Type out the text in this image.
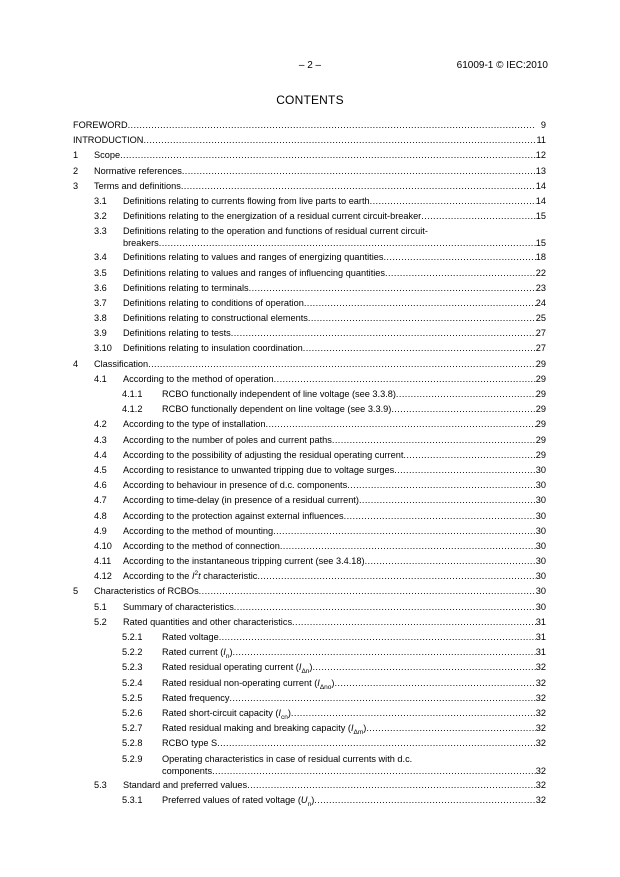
– 2 –	61009-1 © IEC:2010
CONTENTS
FOREWORD .....	9
INTRODUCTION .....	11
1 Scope .....	12
2 Normative references .....	13
3 Terms and definitions .....	14
3.1 Definitions relating to currents flowing from live parts to earth .....	14
3.2 Definitions relating to the energization of a residual current circuit-breaker .....	15
3.3 Definitions relating to the operation and functions of residual current circuit-
breakers .....	15
3.4 Definitions relating to values and ranges of energizing quantities .....	18
3.5 Definitions relating to values and ranges of influencing quantities .....	22
3.6 Definitions relating to terminals .....	23
3.7 Definitions relating to conditions of operation .....	24
3.8 Definitions relating to constructional elements .....	25
3.9 Definitions relating to tests .....	27
3.10 Definitions relating to insulation coordination .....	27
4 Classification .....	29
4.1 According to the method of operation .....	29
4.1.1 RCBO functionally independent of line voltage (see 3.3.8) .....	29
4.1.2 RCBO functionally dependent on line voltage (see 3.3.9) .....	29
4.2 According to the type of installation .....	29
4.3 According to the number of poles and current paths .....	29
4.4 According to the possibility of adjusting the residual operating current .....	29
4.5 According to resistance to unwanted tripping due to voltage surges .....	30
4.6 According to behaviour in presence of d.c. components .....	30
4.7 According to time-delay (in presence of a residual current) .....	30
4.8 According to the protection against external influences .....	30
4.9 According to the method of mounting .....	30
4.10 According to the method of connection .....	30
4.11 According to the instantaneous tripping current (see 3.4.18) .....	30
4.12 According to the $I^2t$ characteristic .....	30
5 Characteristics of RCBOs .....	30
5.1 Summary of characteristics .....	30
5.2 Rated quantities and other characteristics .....	31
5.2.1 Rated voltage .....	31
5.2.2 Rated current $(I_n)$ .....	31
5.2.3 Rated residual operating current $(I_{\Delta n})$ .....	32
5.2.4 Rated residual non-operating current $(I_{\Delta no})$ .....	32
5.2.5 Rated frequency .....	32
5.2.6 Rated short-circuit capacity $(I_{cn})$ .....	32
5.2.7 Rated residual making and breaking capacity $(I_{\Delta m})$ .....	32
5.2.8 RCBO type S .....	32
5.2.9 Operating characteristics in case of residual currents with d.c.
components .....	32
5.3 Standard and preferred values .....	32
5.3.1 Preferred values of rated voltage $(U_n)$ .....	32
